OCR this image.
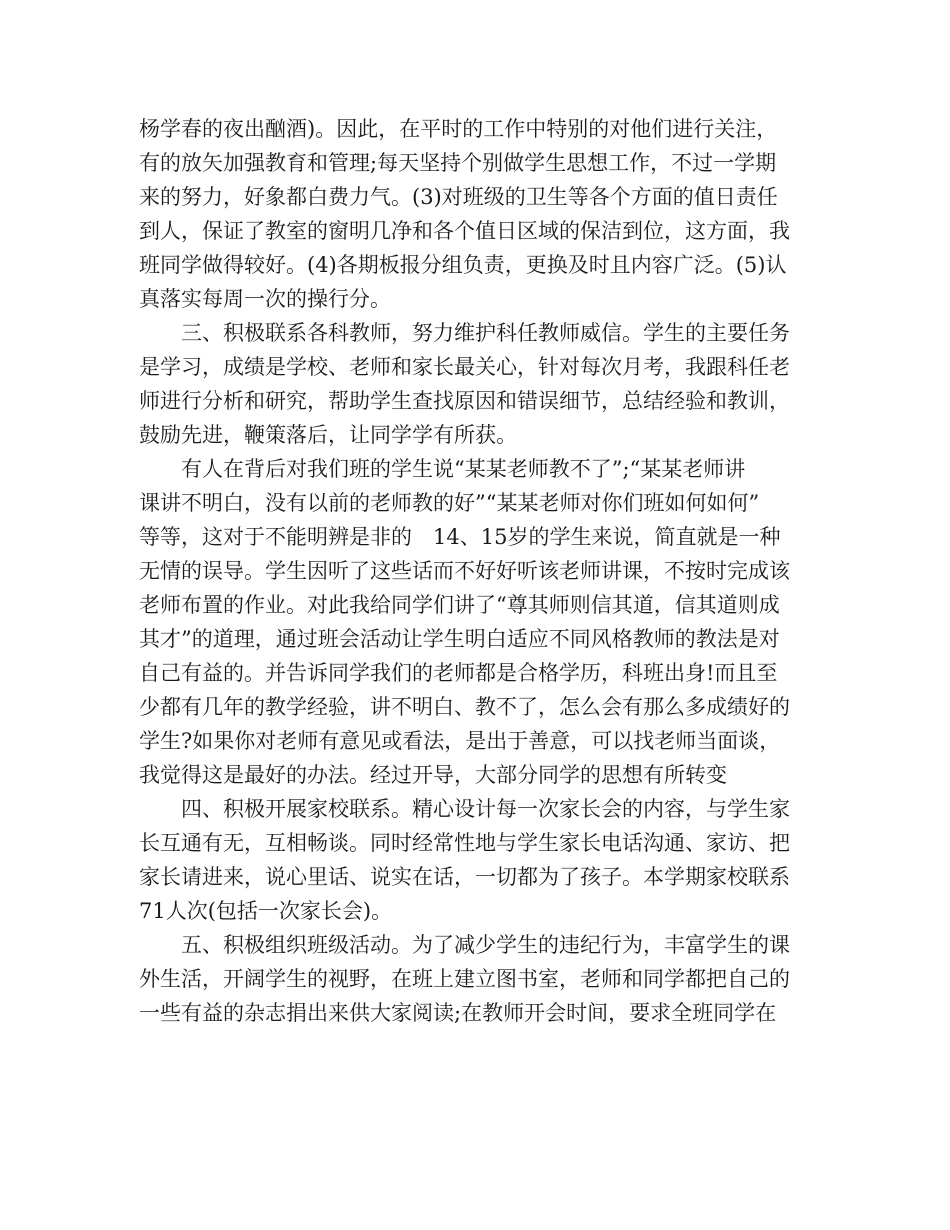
杨学春的夜出酗酒)。因此，在平时的工作中特别的对他们进行关注，
有的放矢加强教育和管理;每天坚持个别做学生思想工作，不过一学期
来的努力，好象都白费力气。(3)对班级的卫生等各个方面的值日责任
到人，保证了教室的窗明几净和各个值日区域的保洁到位，这方面，我
班同学做得较好。(4)各期板报分组负责，更换及时且内容广泛。(5)认
真落实每周一次的操行分。
三、积极联系各科教师，努力维护科任教师威信。学生的主要任务
是学习，成绩是学校、老师和家长最关心，针对每次月考，我跟科任老
师进行分析和研究，帮助学生查找原因和错误细节，总结经验和教训，
鼓励先进，鞭策落后，让同学学有所获。
有人在背后对我们班的学生说“某某老师教不了”;“某某老师讲
课讲不明白，没有以前的老师教的好”“某某老师对你们班如何如何”
等等，这对于不能明辨是非的　14、15岁的学生来说，简直就是一种
无情的误导。学生因听了这些话而不好好听该老师讲课，不按时完成该
老师布置的作业。对此我给同学们讲了“尊其师则信其道，信其道则成
其才”的道理，通过班会活动让学生明白适应不同风格教师的教法是对
自己有益的。并告诉同学我们的老师都是合格学历，科班出身!而且至
少都有几年的教学经验，讲不明白、教不了，怎么会有那么多成绩好的
学生?如果你对老师有意见或看法，是出于善意，可以找老师当面谈，
我觉得这是最好的办法。经过开导，大部分同学的思想有所转变
四、积极开展家校联系。精心设计每一次家长会的内容，与学生家
长互通有无，互相畅谈。同时经常性地与学生家长电话沟通、家访、把
家长请进来，说心里话、说实在话，一切都为了孩子。本学期家校联系
71人次(包括一次家长会)。
五、积极组织班级活动。为了减少学生的违纪行为，丰富学生的课
外生活，开阔学生的视野，在班上建立图书室，老师和同学都把自己的
一些有益的杂志捐出来供大家阅读;在教师开会时间，要求全班同学在
